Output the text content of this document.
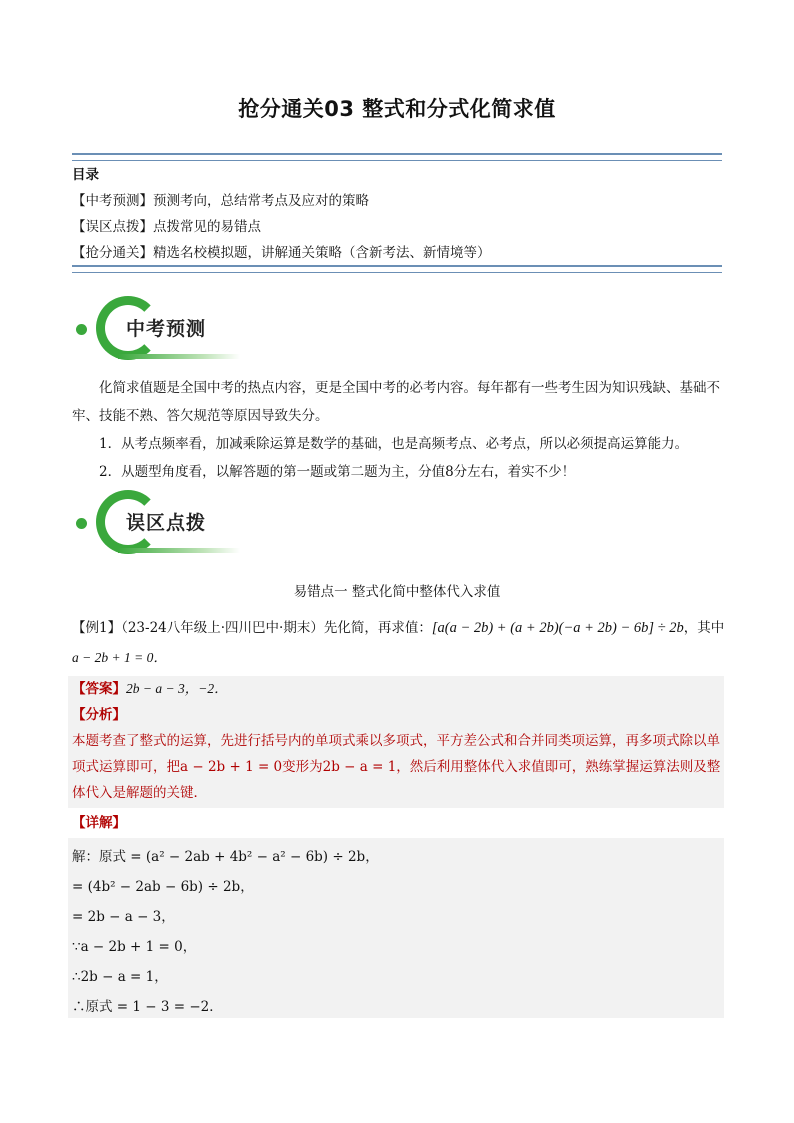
抢分通关03 整式和分式化简求值
目录
【中考预测】预测考向，总结常考点及应对的策略
【误区点拨】点拨常见的易错点
【抢分通关】精选名校模拟题，讲解通关策略（含新考法、新情境等）
中考预测
化简求值题是全国中考的热点内容，更是全国中考的必考内容。每年都有一些考生因为知识残缺、基础不牢、技能不熟、答欠规范等原因导致失分。
1．从考点频率看，加减乘除运算是数学的基础，也是高频考点、必考点，所以必须提高运算能力。
2．从题型角度看，以解答题的第一题或第二题为主，分值8分左右，着实不少！
误区点拨
易错点一 整式化简中整体代入求值
【例1】（23-24八年级上·四川巴中·期末）先化简，再求值：[a(a − 2b) + (a + 2b)(−a + 2b) − 6b] ÷ 2b，其中
a − 2b + 1 = 0．
【答案】2b − a − 3，−2．
【分析】
本题考查了整式的运算，先进行括号内的单项式乘以多项式，平方差公式和合并同类项运算，再多项式除以单项式运算即可，把a − 2b + 1 = 0变形为2b − a = 1，然后利用整体代入求值即可，熟练掌握运算法则及整体代入是解题的关键．
【详解】
解：原式 = (a² − 2ab + 4b² − a² − 6b) ÷ 2b，
= (4b² − 2ab − 6b) ÷ 2b，
= 2b − a − 3，
∵a − 2b + 1 = 0，
∴2b − a = 1，
∴原式 = 1 − 3 = −2．
